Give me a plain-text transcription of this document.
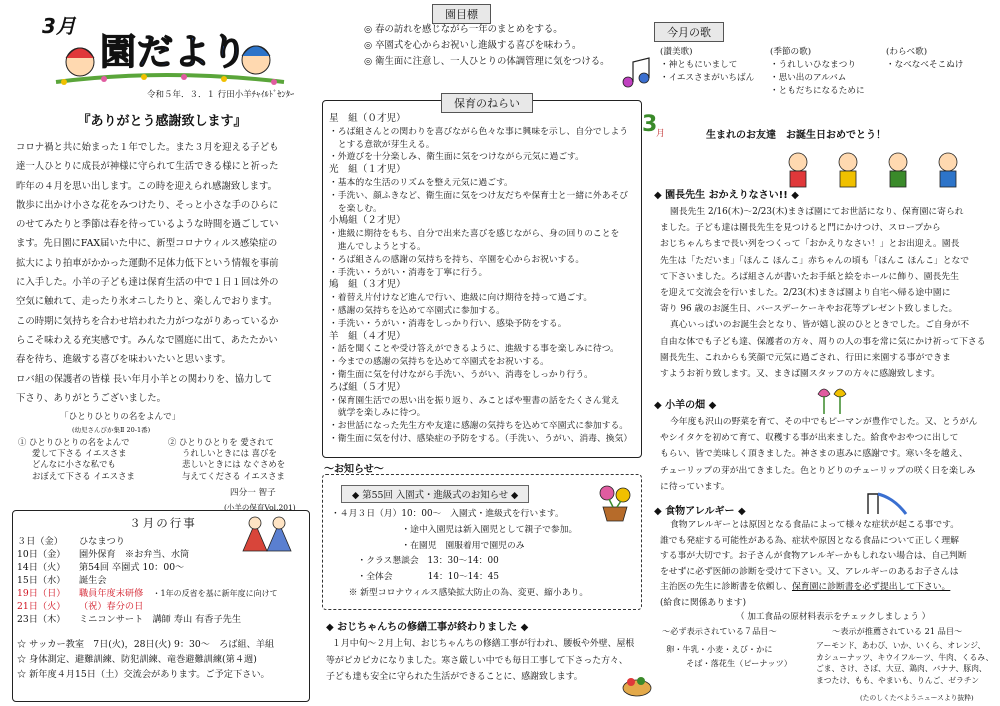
3月
園だより
令和５年．３．１ 行田小羊ﾁｬｲﾙﾄﾞｾﾝﾀｰ
『ありがとう感謝致します』
コロナ禍と共に始まった１年でした。また３月を迎える子ども
達一人ひとりに成長が神様に守られて生活できる様にと祈った
昨年の４月を思い出します。この時を迎えられ感謝致します。
散歩に出かけ小さな花をみつけたり、そっと小さな手のひらに
のせてみたりと季節は春を待っているような時間を過ごしてい
ます。先日園にFAX届いた中に、新型コロナウィルス感染症の
拡大により拍車がかかった運動不足体力低下という情報を事前
に入手した。小羊の子ども達は保育生活の中で１日１回は外の
空気に触れて、走ったり氷オニしたりと、楽しんでおります。
この時期に気持ちを合わせ培われた力がつながりあっているか
らこそ味わえる充実感です。みんなで園庭に出て、あたたかい
春を待ち、進級する喜びを味わいたいと思います。
ロバ組の保護者の皆様 長い年月小羊との関わりを、協力して
下さり、ありがとうございました。
「ひとりひとりの名をよんで」
(幼児さんびか集Ⅱ 20-1番)
① ひとりひとりの名をよんで
愛して下さる イエスさま
どんなに小さな私でも
おぼえて下さる イエスさま
② ひとりひとりを 愛されて
うれしいときには 喜びを
悲しいときには なぐさめを
与えてくださる イエスさま
四分一 智子
(小羊の保育Vol.201)
３月の行事
３日（金） ひなまつり
10日（金） 園外保育　※お弁当、水筒
14日（火） 第54回 卒園式 10：00～
15日（水） 誕生会
19日（日） 職員年度末研修　・1年の反省を基に新年度に向けて
21日（火） （祝）春分の日
23日（木） ミニコンサート　講師 寿山 有香子先生
☆ サッカー教室　7日(火)，28日(火) 9：30～　ろば組、羊組
☆ 身体測定、避難訓練、防犯訓練、竜巻避難訓練(第４週)
☆ 新年度４月15日（土）交流会があります。ご予定下さい。
園目標
◎ 春の訪れを感じながら一年のまとめをする。
◎ 卒園式を心からお祝いし進級する喜びを味わう。
◎ 衛生面に注意し、一人ひとりの体調管理に気をつける。
保育のねらい
星　組（０才児）
・ろば組さんとの関わりを喜びながら色々な事に興味を示し、自分でしよう
　とする意欲が芽生える。
・外遊びを十分楽しみ、衛生面に気をつけながら元気に過ごす。
光　組（１才児）
・基本的な生活のリズムを整え元気に過ごす。
・手洗い、顔ふきなど、衛生面に気をつけ友だちや保育士と一緒に外あそび
　を楽しむ。
小鳩組（２才児）
・進級に期待をもち、自分で出来た喜びを感じながら、身の回りのことを
　進んでしようとする。
・ろば組さんの感謝の気持ちを持ち、卒園を心からお祝いする。
・手洗い・うがい・消毒を丁寧に行う。
鳩　組（３才児）
・着替え片付けなど進んで行い、進級に向け期待を持って過ごす。
・感謝の気持ちを込めて卒園式に参加する。
・手洗い・うがい・消毒をしっかり行い、感染予防をする。
羊　組（４才児）
・話を聞くことや受け答えができるように、進級する事を楽しみに待つ。
・今までの感謝の気持ちを込めて卒園式をお祝いする。
・衛生面に気を付けながら手洗い、うがい、消毒をしっかり行う。
ろば組（５才児）
・保育園生活での思い出を振り返り、みことばや聖書の話をたくさん覚え
　就学を楽しみに待つ。
・お世話になった先生方や友達に感謝の気持ちを込めて卒園式に参加する。
・衛生面に気を付け、感染症の予防をする。（手洗い、うがい、消毒、換気）
～お知らせ～
◆ 第55回 入園式・進級式のお知らせ ◆
・４月３日（月）10：00～　入園式・進級式を行います。
　　　　　　　　・途中入園児は新入園児として親子で参加。
　　　　　　　　・在園児　園服着用で園児のみ
　　　・クラス懇談会　13：30～14：00
　　　・全体会　　　　14：10～14：45
　　※ 新型コロナウィルス感染拡大防止の為、変更、縮小あり。
◆ おじちゃんちの修繕工事が終わりました ◆
１月中旬～２月上旬、おじちゃんちの修繕工事が行われ、腰板や外壁、屋根
等がピカピカになりました。寒さ厳しい中でも毎日工事して下さった方々、
子ども達も安全に守られた生活ができることに、感謝致します。
今月の歌
(讃美歌)
・神ともにいまして
・イエスさまがいちばん
(季節の歌)
・うれしいひなまつり
・思い出のアルバム
・ともだちになるために
(わらべ歌)
・なべなべそこぬけ
3
月	生まれのお友達　お誕生日おめでとう！
◆ 園長先生 おかえりなさい!! ◆
園長先生 2/16(木)～2/23(木)まきば園にてお世話になり、保育園に寄られ
ました。子ども達は園長先生を見つけると門にかけつけ、スロープから
おじちゃんちまで長い列をつくって「おかえりなさい！」とお出迎え。園長
先生は「ただいま」「ほんこ ほんこ」赤ちゃんの頃も「ほんこ ほんこ」となで
て下さいました。ろば組さんが書いたお手紙と絵をホールに飾り、園長先生
を迎えて交流会を行いました。2/23(木)まきば園より自宅へ帰る途中園に
寄り 96 歳のお誕生日、バースデーケーキやお花等プレゼント致しました。
真心いっぱいのお誕生会となり、皆が嬉し涙のひとときでした。ご自身が不
自由な体でも子ども達、保護者の方々、周りの人の事を常に気にかけ祈って下さる
園長先生、これからも笑顔で元気に過ごされ、行田に来園する事ができま
すようお祈り致します。又、まきば園スタッフの方々に感謝致します。
◆ 小羊の畑 ◆
今年度も沢山の野菜を育て、その中でもピーマンが豊作でした。又、とうがん
やシイタケを初めて育て、収穫する事が出来ました。給食やおやつに出して
もらい、皆で美味しく頂きました。神さまの恵みに感謝です。寒い冬を越え、
チューリップの芽が出てきました。色とりどりのチューリップの咲く日を楽しみ
に待っています。
◆ 食物アレルギー ◆
食物アレルギーとは原因となる食品によって様々な症状が起こる事です。
誰でも発症する可能性がある為、症状や原因となる食品について正しく理解
する事が大切です。お子さんが食物アレルギーかもしれない場合は、自己判断
をせずに必ず医師の診断を受けて下さい。又、アレルギーのあるお子さんは
主治医の先生に診断書を依頼し、保育園に診断書を必ず提出して下さい。
(給食に関係あります)
（ 加工食品の原材料表示をチェックしましょう ）
～必ず表示されている７品目～
卵・牛乳・小麦・えび・かに
そば・落花生（ピーナッツ）
～表示が推薦されている 21 品目～
アーモンド、あわび、いか、いくら、オレンジ、
カシューナッツ、キウイフルーツ、牛肉、くるみ、
ごま、さけ、さば、大豆、鶏肉、バナナ、豚肉、
まつたけ、もも、やまいも、りんご、ゼラチン
(たのしくたべようニュースより抜粋)
